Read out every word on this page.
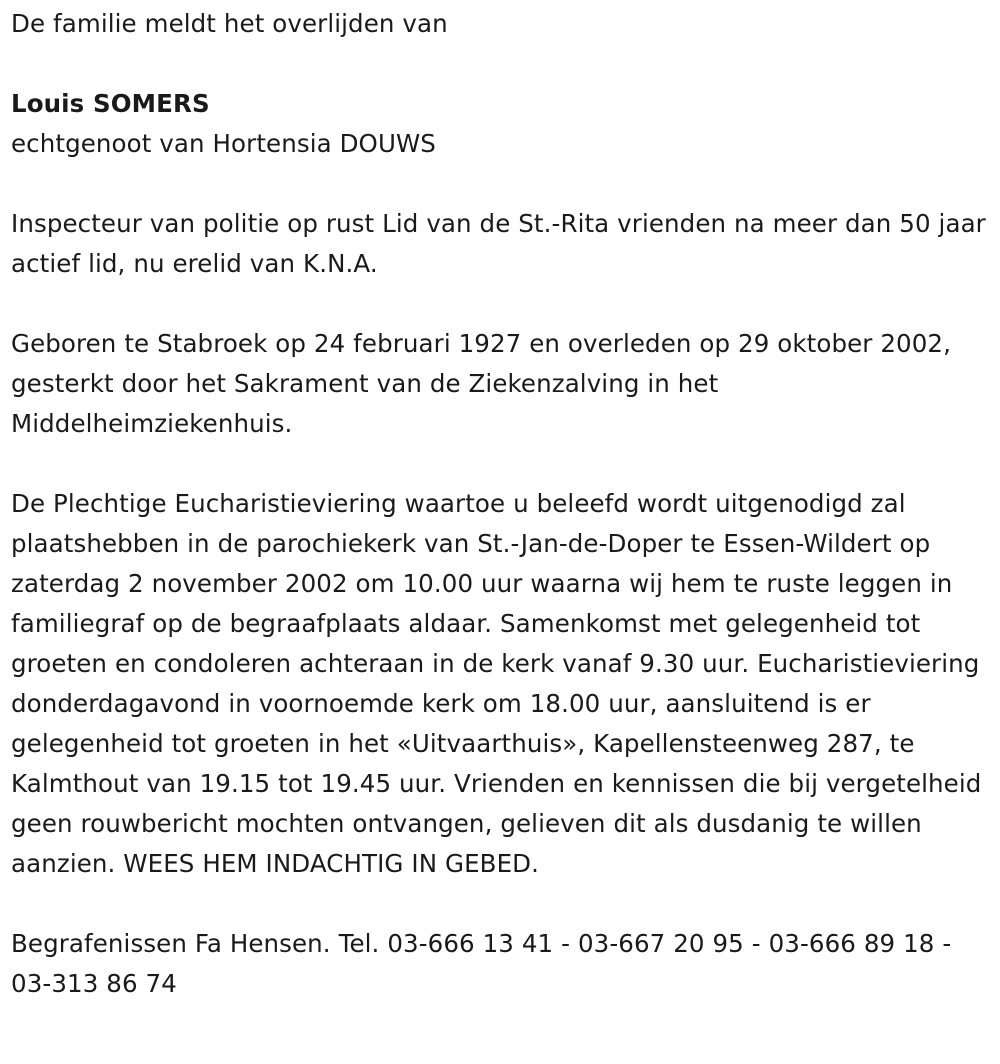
De familie meldt het overlijden van

Louis SOMERS

echtgenoot van Hortensia DOUWS

Inspecteur van politie op rust Lid van de St.-Rita vrienden na meer dan 50 jaar actief lid, nu erelid van K.N.A.

Geboren te Stabroek op 24 februari 1927 en overleden op 29 oktober 2002, gesterkt door het Sakrament van de Ziekenzalving in het Middelheimziekenhuis.

De Plechtige Eucharistieviering waartoe u beleefd wordt uitgenodigd zal plaatshebben in de parochiekerk van St.-Jan-de-Doper te Essen-Wildert op zaterdag 2 november 2002 om 10.00 uur waarna wij hem te ruste leggen in familiegraf op de begraafplaats aldaar. Samenkomst met gelegenheid tot groeten en condoleren achteraan in de kerk vanaf 9.30 uur. Eucharistieviering donderdagavond in voornoemde kerk om 18.00 uur, aansluitend is er gelegenheid tot groeten in het «Uitvaarthuis», Kapellensteenweg 287, te Kalmthout van 19.15 tot 19.45 uur. Vrienden en kennissen die bij vergetelheid geen rouwbericht mochten ontvangen, gelieven dit als dusdanig te willen aanzien. WEES HEM INDACHTIG IN GEBED.

Begrafenissen Fa Hensen. Tel. 03-666 13 41 - 03-667 20 95 - 03-666 89 18 - 03-313 86 74
